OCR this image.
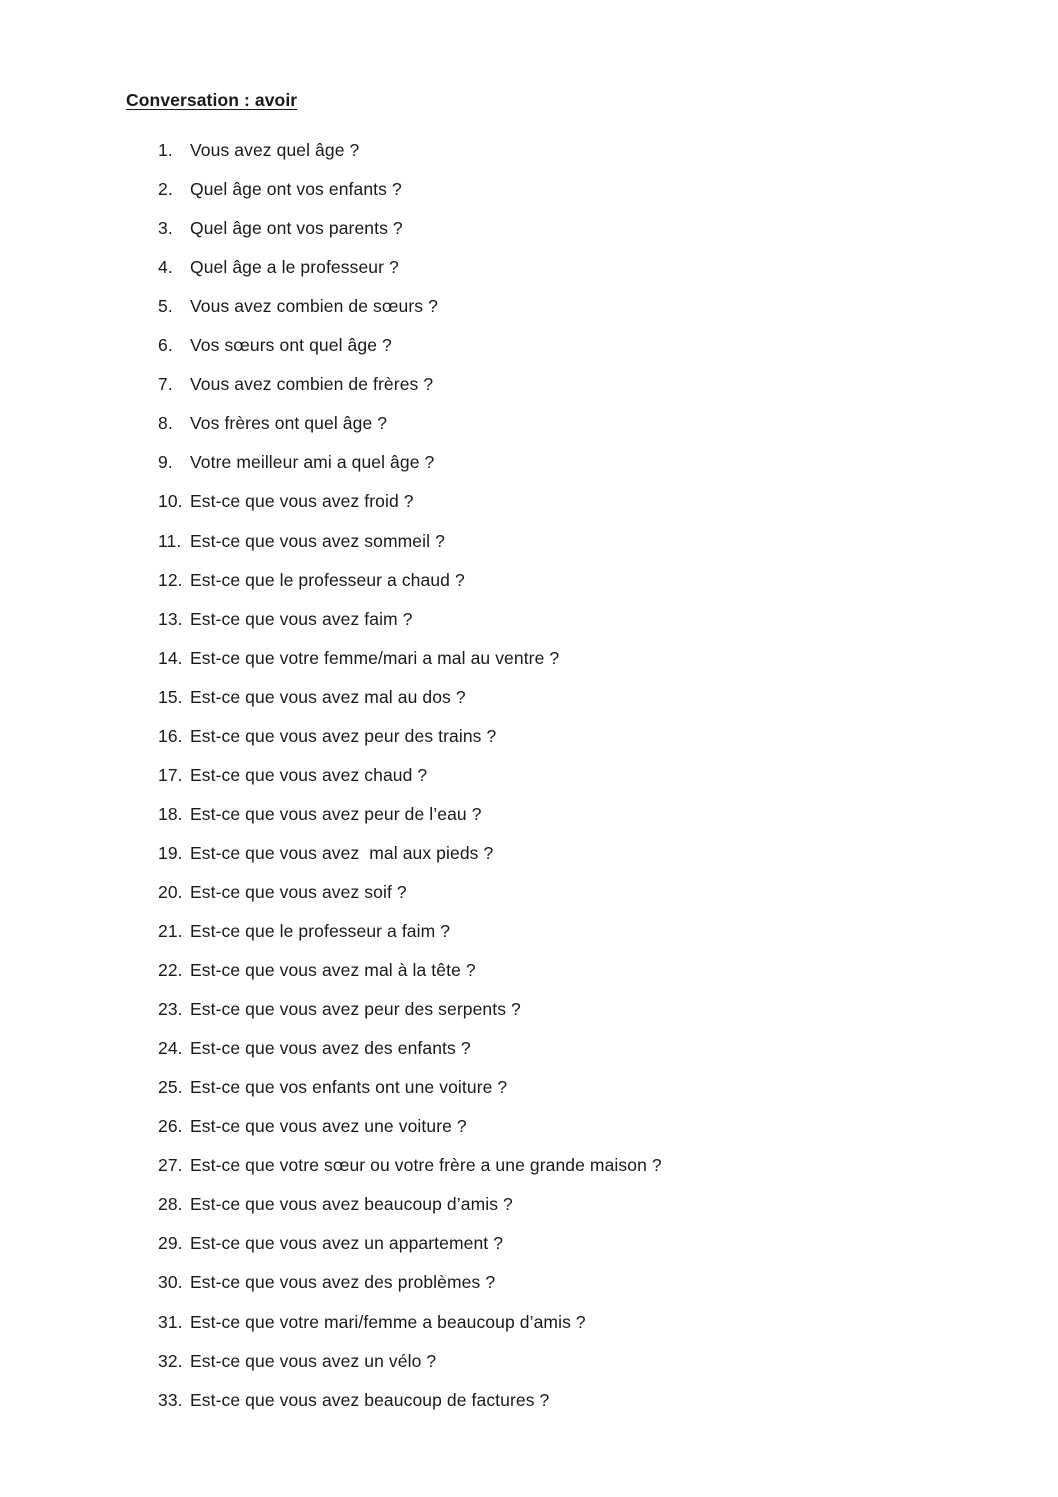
Conversation : avoir
1. Vous avez quel âge ?
2. Quel âge ont vos enfants ?
3. Quel âge ont vos parents ?
4. Quel âge a le professeur ?
5. Vous avez combien de sœurs ?
6. Vos sœurs ont quel âge ?
7. Vous avez combien de frères ?
8. Vos frères ont quel âge ?
9. Votre meilleur ami a quel âge ?
10. Est-ce que vous avez froid ?
11. Est-ce que vous avez sommeil ?
12. Est-ce que le professeur a chaud ?
13. Est-ce que vous avez faim ?
14. Est-ce que votre femme/mari a mal au ventre ?
15. Est-ce que vous avez mal au dos ?
16. Est-ce que vous avez peur des trains ?
17. Est-ce que vous avez chaud ?
18. Est-ce que vous avez peur de l’eau ?
19. Est-ce que vous avez  mal aux pieds ?
20. Est-ce que vous avez soif ?
21. Est-ce que le professeur a faim ?
22. Est-ce que vous avez mal à la tête ?
23. Est-ce que vous avez peur des serpents ?
24. Est-ce que vous avez des enfants ?
25. Est-ce que vos enfants ont une voiture ?
26. Est-ce que vous avez une voiture ?
27. Est-ce que votre sœur ou votre frère a une grande maison ?
28. Est-ce que vous avez beaucoup d’amis ?
29. Est-ce que vous avez un appartement ?
30. Est-ce que vous avez des problèmes ?
31. Est-ce que votre mari/femme a beaucoup d’amis ?
32. Est-ce que vous avez un vélo ?
33. Est-ce que vous avez beaucoup de factures ?
